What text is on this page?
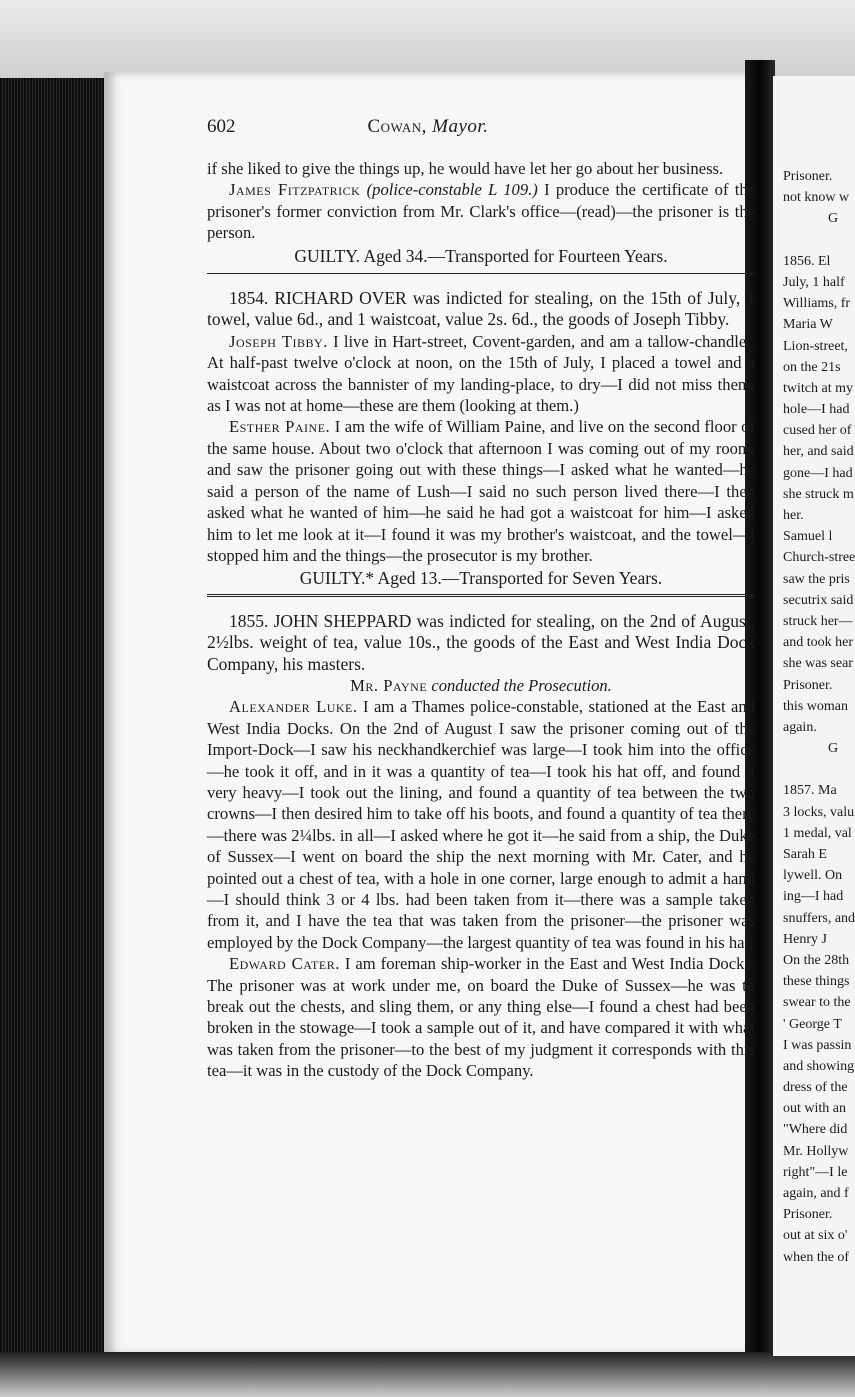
Prisoner.
not know w
G
1856. El
July, 1 half
Williams, fr
Maria W
Lion-street,
on the 21s
twitch at my
hole—I had
cused her of
her, and said
gone—I had
she struck m
her.
Samuel l
Church-stree
saw the pris
secutrix said
struck her—
and took her
she was sear
Prisoner.
this woman
again.
G
1857. Ma
3 locks, valu
1 medal, val
Sarah E
lywell. On
ing—I had
snuffers, and
Henry J
On the 28th
these things
swear to the
' George T
I was passin
and showing
dress of the
out with an
"Where did
Mr. Hollyw
right"—I le
again, and f
Prisoner.
out at six o'
when the of
602	Cowan, Mayor.

if she liked to give the things up, he would have let her go about her business.

James Fitzpatrick (police-constable L 109.) I produce the certificate of the prisoner's former conviction from Mr. Clark's office—(read)—the prisoner is the person.

GUILTY. Aged 34.—Transported for Fourteen Years.

1854. RICHARD OVER was indicted for stealing, on the 15th of July, 1 towel, value 6d., and 1 waistcoat, value 2s. 6d., the goods of Joseph Tibby.

Joseph Tibby. I live in Hart-street, Covent-garden, and am a tallow-chandler. At half-past twelve o'clock at noon, on the 15th of July, I placed a towel and a waistcoat across the bannister of my landing-place, to dry—I did not miss them, as I was not at home—these are them (looking at them.)

Esther Paine. I am the wife of William Paine, and live on the second floor of the same house. About two o'clock that afternoon I was coming out of my room, and saw the prisoner going out with these things—I asked what he wanted—he said a person of the name of Lush—I said no such person lived there—I then asked what he wanted of him—he said he had got a waistcoat for him—I asked him to let me look at it—I found it was my brother's waistcoat, and the towel—I stopped him and the things—the prosecutor is my brother.

GUILTY.* Aged 13.—Transported for Seven Years.

1855. JOHN SHEPPARD was indicted for stealing, on the 2nd of August, 2½lbs. weight of tea, value 10s., the goods of the East and West India Dock Company, his masters.

Mr. Payne conducted the Prosecution.

Alexander Luke. I am a Thames police-constable, stationed at the East and West India Docks. On the 2nd of August I saw the prisoner coming out of the Import-Dock—I saw his neckhandkerchief was large—I took him into the office—he took it off, and in it was a quantity of tea—I took his hat off, and found it very heavy—I took out the lining, and found a quantity of tea between the two crowns—I then desired him to take off his boots, and found a quantity of tea there—there was 2¼lbs. in all—I asked where he got it—he said from a ship, the Duke of Sussex—I went on board the ship the next morning with Mr. Cater, and he pointed out a chest of tea, with a hole in one corner, large enough to admit a hand—I should think 3 or 4 lbs. had been taken from it—there was a sample taken from it, and I have the tea that was taken from the prisoner—the prisoner was employed by the Dock Company—the largest quantity of tea was found in his hat.

Edward Cater. I am foreman ship-worker in the East and West India Docks. The prisoner was at work under me, on board the Duke of Sussex—he was to break out the chests, and sling them, or any thing else—I found a chest had been broken in the stowage—I took a sample out of it, and have compared it with what was taken from the prisoner—to the best of my judgment it corresponds with this tea—it was in the custody of the Dock Company.
